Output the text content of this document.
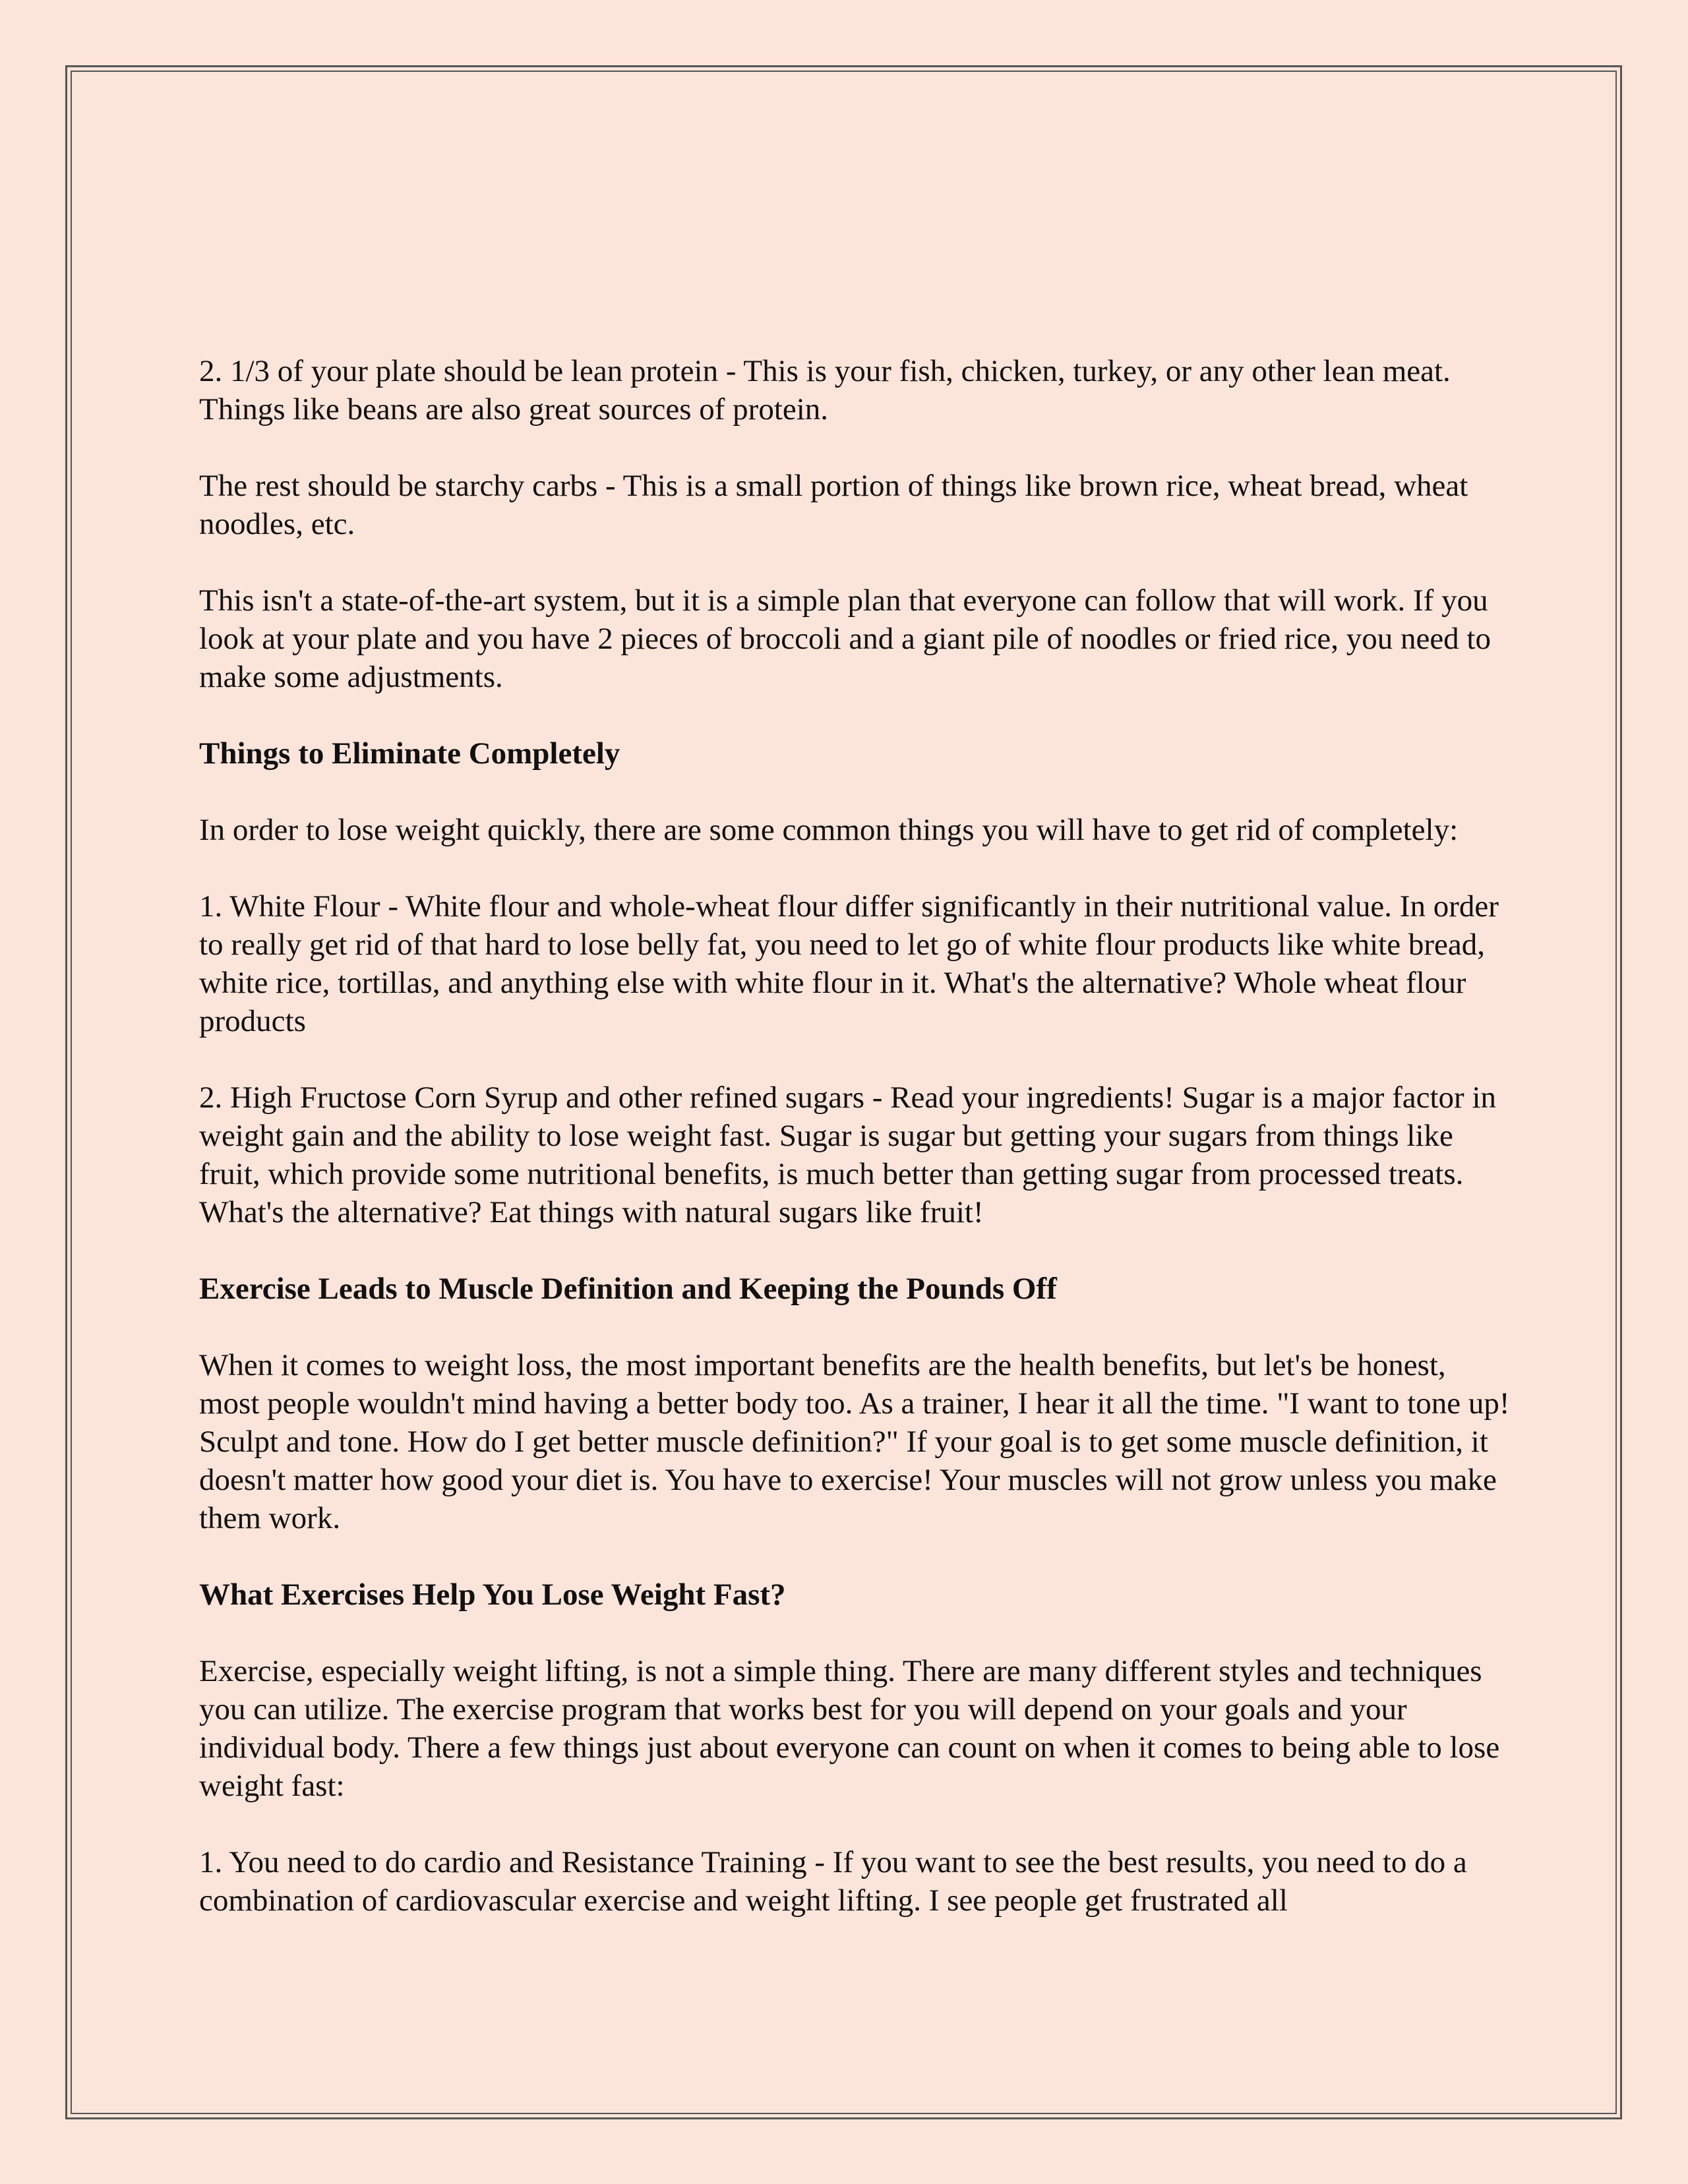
2. 1/3 of your plate should be lean protein - This is your fish, chicken, turkey, or any other lean meat. Things like beans are also great sources of protein.

The rest should be starchy carbs - This is a small portion of things like brown rice, wheat bread, wheat noodles, etc.

This isn't a state-of-the-art system, but it is a simple plan that everyone can follow that will work. If you look at your plate and you have 2 pieces of broccoli and a giant pile of noodles or fried rice, you need to make some adjustments.

Things to Eliminate Completely

In order to lose weight quickly, there are some common things you will have to get rid of completely:

1. White Flour - White flour and whole-wheat flour differ significantly in their nutritional value. In order to really get rid of that hard to lose belly fat, you need to let go of white flour products like white bread, white rice, tortillas, and anything else with white flour in it. What's the alternative? Whole wheat flour products

2. High Fructose Corn Syrup and other refined sugars - Read your ingredients! Sugar is a major factor in weight gain and the ability to lose weight fast. Sugar is sugar but getting your sugars from things like fruit, which provide some nutritional benefits, is much better than getting sugar from processed treats. What's the alternative? Eat things with natural sugars like fruit!

Exercise Leads to Muscle Definition and Keeping the Pounds Off

When it comes to weight loss, the most important benefits are the health benefits, but let's be honest, most people wouldn't mind having a better body too. As a trainer, I hear it all the time. "I want to tone up! Sculpt and tone. How do I get better muscle definition?" If your goal is to get some muscle definition, it doesn't matter how good your diet is. You have to exercise! Your muscles will not grow unless you make them work.

What Exercises Help You Lose Weight Fast?

Exercise, especially weight lifting, is not a simple thing. There are many different styles and techniques you can utilize. The exercise program that works best for you will depend on your goals and your individual body. There a few things just about everyone can count on when it comes to being able to lose weight fast:

1. You need to do cardio and Resistance Training - If you want to see the best results, you need to do a combination of cardiovascular exercise and weight lifting. I see people get frustrated all
